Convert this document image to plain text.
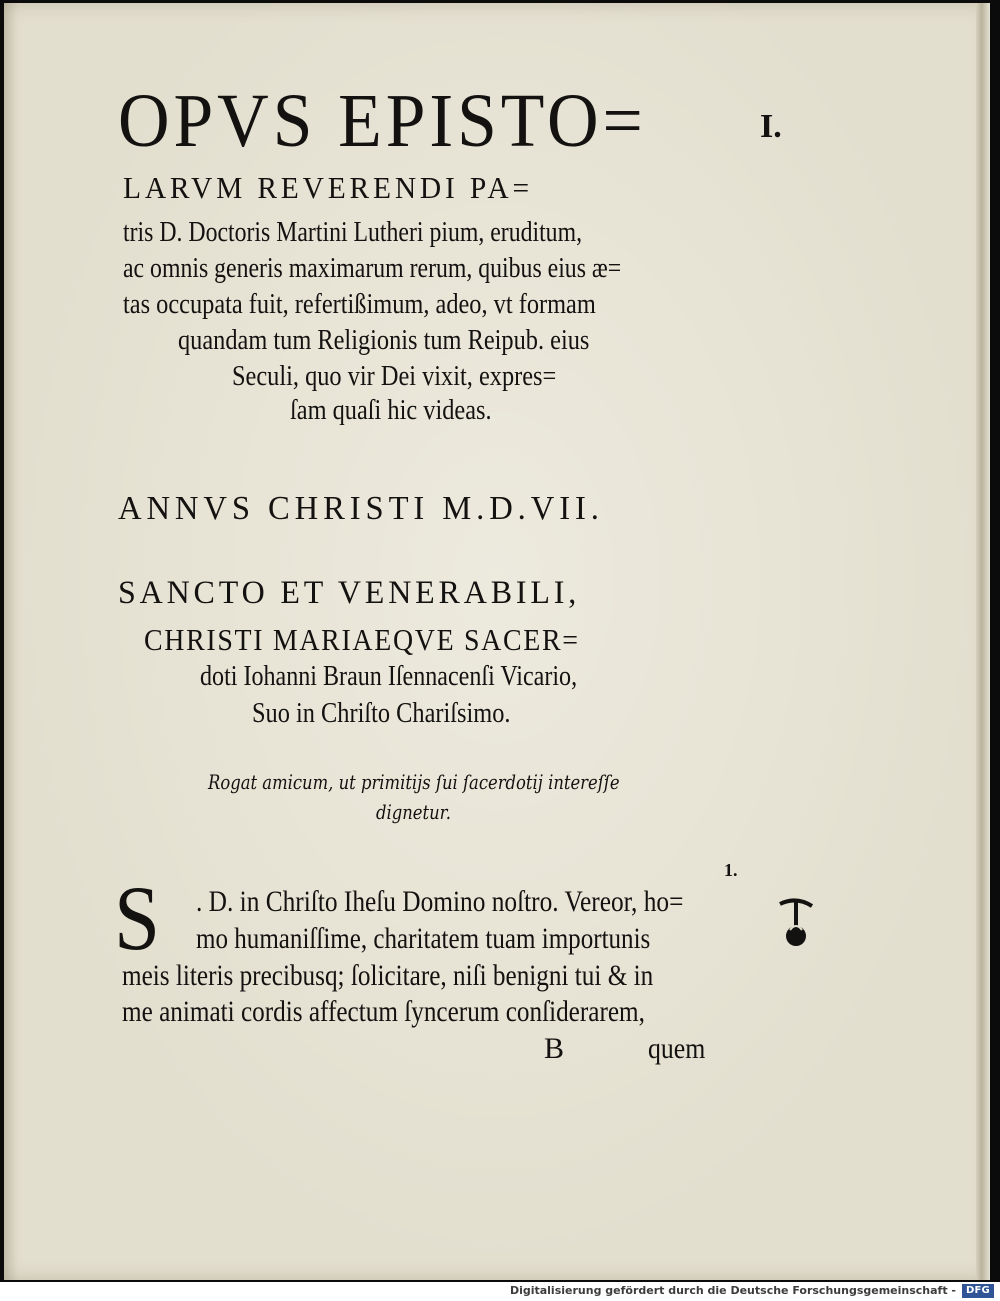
OPVS EPISTO=	I.
LARVM REVERENDI PA=
tris D. Doctoris Martini Lutheri pium, eruditum,
ac omnis generis maximarum rerum, quibus eius æ=
tas occupata fuit, refertißimum, adeo, vt formam
quandam tum Religionis tum Reipub. eius
Seculi, quo vir Dei vixit, expres=
ſam quaſi hic videas.
ANNVS CHRISTI M.D.VII.
SANCTO ET VENERABILI,
CHRISTI MARIAEQVE SACER=
doti Iohanni Braun Iſennacenſi Vicario,
Suo in Chriſto Chariſsimo.
Rogat amicum, ut primitijs ſui ſacerdotij intereſſe
dignetur.
1.
S . D. in Chriſto Iheſu Domino noſtro. Vereor, ho=
mo humaniſſime, charitatem tuam importunis
meis literis precibusq; ſolicitare, niſi benigni tui & in
me animati cordis affectum ſyncerum conſiderarem,
B	quem
Digitalisierung gefördert durch die Deutsche Forschungsgemeinschaft -	DFG
